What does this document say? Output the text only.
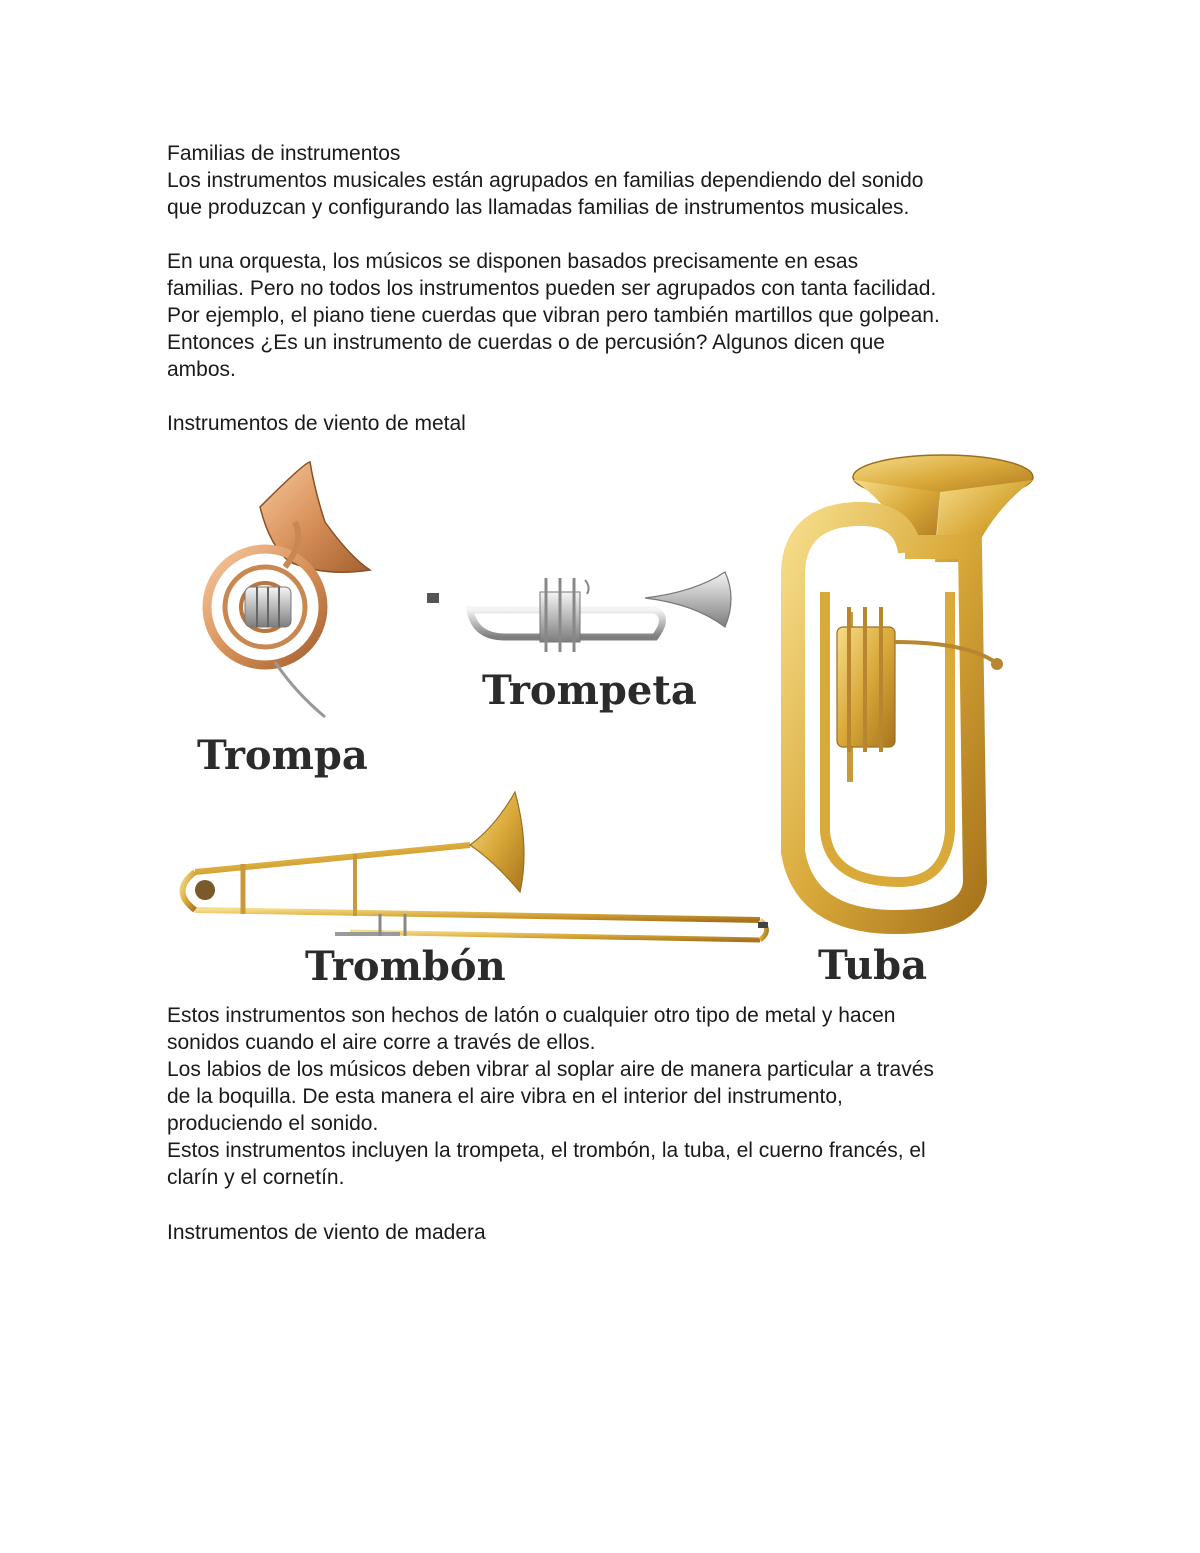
Familias de instrumentos

Los instrumentos musicales están agrupados en familias dependiendo del sonido

que produzcan y configurando las llamadas familias de instrumentos musicales.

En una orquesta, los músicos se disponen basados precisamente en esas

familias. Pero no todos los instrumentos pueden ser agrupados con tanta facilidad.

Por ejemplo, el piano tiene cuerdas que vibran pero también martillos que golpean.

Entonces ¿Es un instrumento de cuerdas o de percusión? Algunos dicen que

ambos.

Instrumentos de viento de metal

Trompa
Trompeta
Trombón	Tuba

Estos instrumentos son hechos de latón o cualquier otro tipo de metal y hacen

sonidos cuando el aire corre a través de ellos.

Los labios de los músicos deben vibrar al soplar aire de manera particular a través

de la boquilla. De esta manera el aire vibra en el interior del instrumento,

produciendo el sonido.

Estos instrumentos incluyen la trompeta, el trombón, la tuba, el cuerno francés, el

clarín y el cornetín.

Instrumentos de viento de madera
